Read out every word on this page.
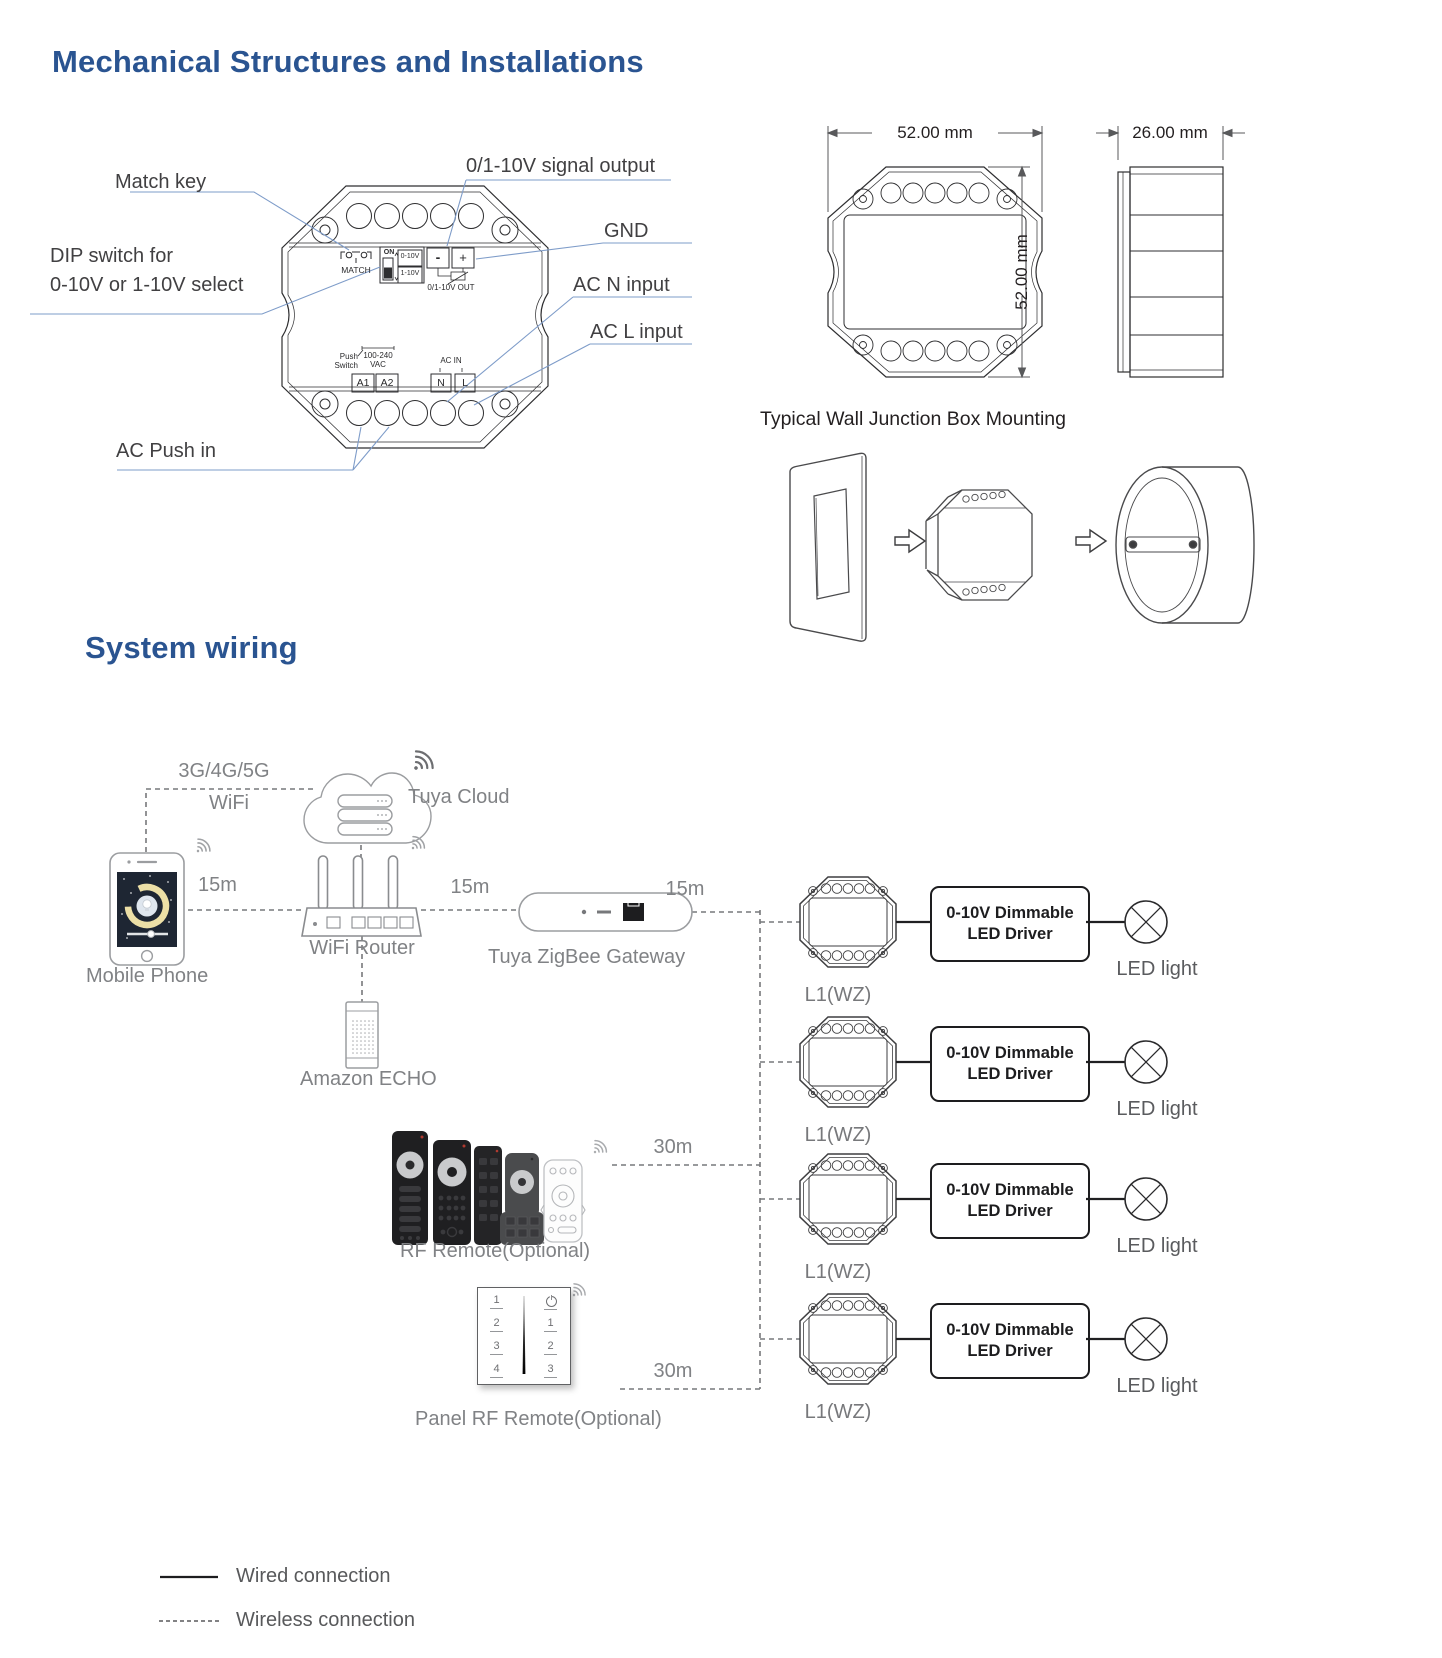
Mechanical Structures and Installations
Match key
0/1-10V signal output
GND
DIP switch for
0-10V or 1-10V select	AC N input
AC L input
AC Push in
MATCH
ON
0-10V
1-10V
-	+
0/1-10V OUT
Push
Switch
100-240
VAC
A1	A2
AC IN
N	L
52.00 mm
52.00 mm
26.00 mm
Typical Wall Junction Box Mounting
System wiring
3G/4G/5G
WiFi	Tuya Cloud
Mobile Phone
WiFi Router	Tuya ZigBee Gateway
Amazon ECHO
RF Remote(Optional)
Panel RF Remote(Optional)
15m	15m	15m
30m
30m
0-10V Dimmable
LED Driver
0-10V Dimmable
LED Driver
0-10V Dimmable
LED Driver
0-10V Dimmable
LED Driver
LED light
LED light
LED light
LED light
L1(WZ)
L1(WZ)
L1(WZ)
L1(WZ)
1
2
3
4
1
2
3
Wired connection
Wireless connection
